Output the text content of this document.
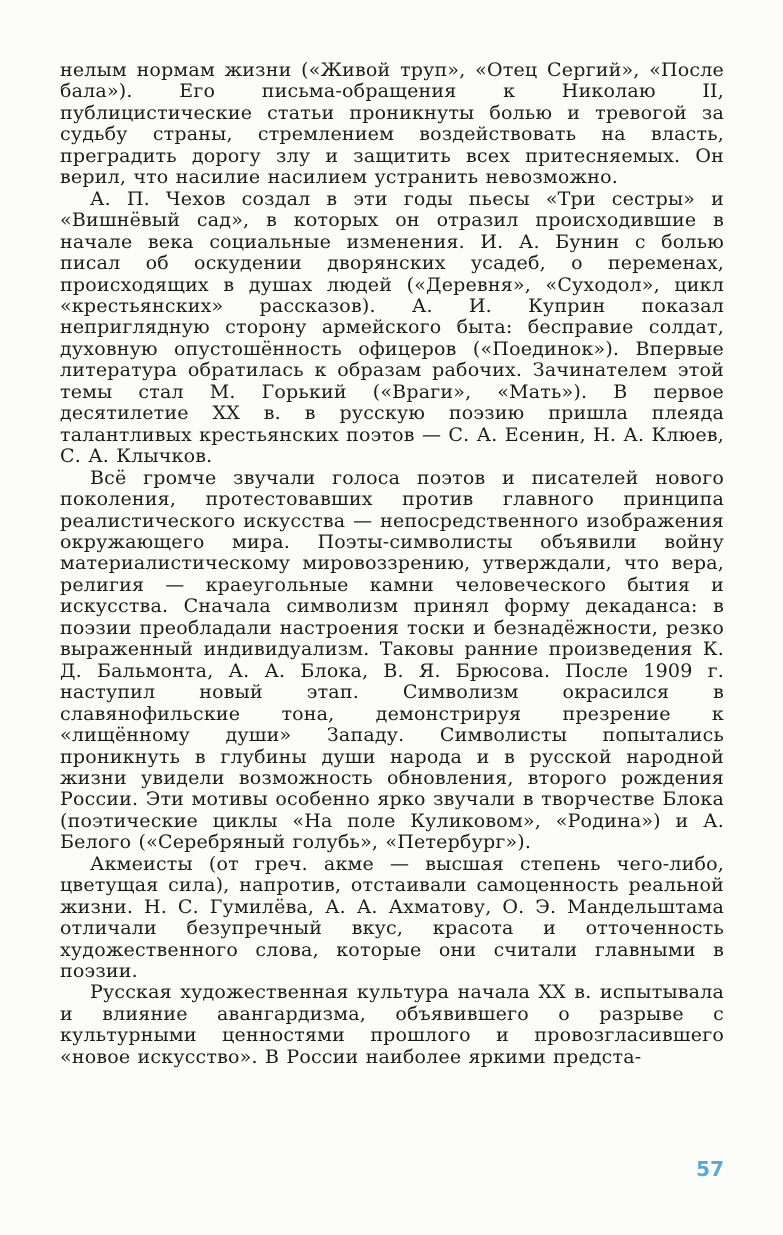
нелым нормам жизни («Живой труп», «Отец Сергий», «После бала»). Его письма-обращения к Николаю II, публицистические статьи проникнуты болью и тревогой за судьбу страны, стремлением воздействовать на власть, преградить дорогу злу и защитить всех притесняемых. Он верил, что насилие насилием устранить невозможно.

А. П. Чехов создал в эти годы пьесы «Три сестры» и «Вишнёвый сад», в которых он отразил происходившие в начале века социальные изменения. И. А. Бунин с болью писал об оскудении дворянских усадеб, о переменах, происходящих в душах людей («Деревня», «Суходол», цикл «крестьянских» рассказов). А. И. Куприн показал неприглядную сторону армейского быта: бесправие солдат, духовную опустошённость офицеров («Поединок»). Впервые литература обратилась к образам рабочих. Зачинателем этой темы стал М. Горький («Враги», «Мать»). В первое десятилетие XX в. в русскую поэзию пришла плеяда талантливых крестьянских поэтов — С. А. Есенин, Н. А. Клюев, С. А. Клычков.

Всё громче звучали голоса поэтов и писателей нового поколения, протестовавших против главного принципа реалистического искусства — непосредственного изображения окружающего мира. Поэты-символисты объявили войну материалистическому мировоззрению, утверждали, что вера, религия — краеугольные камни человеческого бытия и искусства. Сначала символизм принял форму декаданса: в поэзии преобладали настроения тоски и безнадёжности, резко выраженный индивидуализм. Таковы ранние произведения К. Д. Бальмонта, А. А. Блока, В. Я. Брюсова. После 1909 г. наступил новый этап. Символизм окрасился в славянофильские тона, демонстрируя презрение к «лищённому души» Западу. Символисты попытались проникнуть в глубины души народа и в русской народной жизни увидели возможность обновления, второго рождения России. Эти мотивы особенно ярко звучали в творчестве Блока (поэтические циклы «На поле Куликовом», «Родина») и А. Белого («Серебряный голубь», «Петербург»).

Акмеисты (от греч. акме — высшая степень чего-либо, цветущая сила), напротив, отстаивали самоценность реальной жизни. Н. С. Гумилёва, А. А. Ахматову, О. Э. Мандельштама отличали безупречный вкус, красота и отточенность художественного слова, которые они считали главными в поэзии.

Русская художественная культура начала XX в. испытывала и влияние авангардизма, объявившего о разрыве с культурными ценностями прошлого и провозгласившего «новое искусство». В России наиболее яркими предста-

57
